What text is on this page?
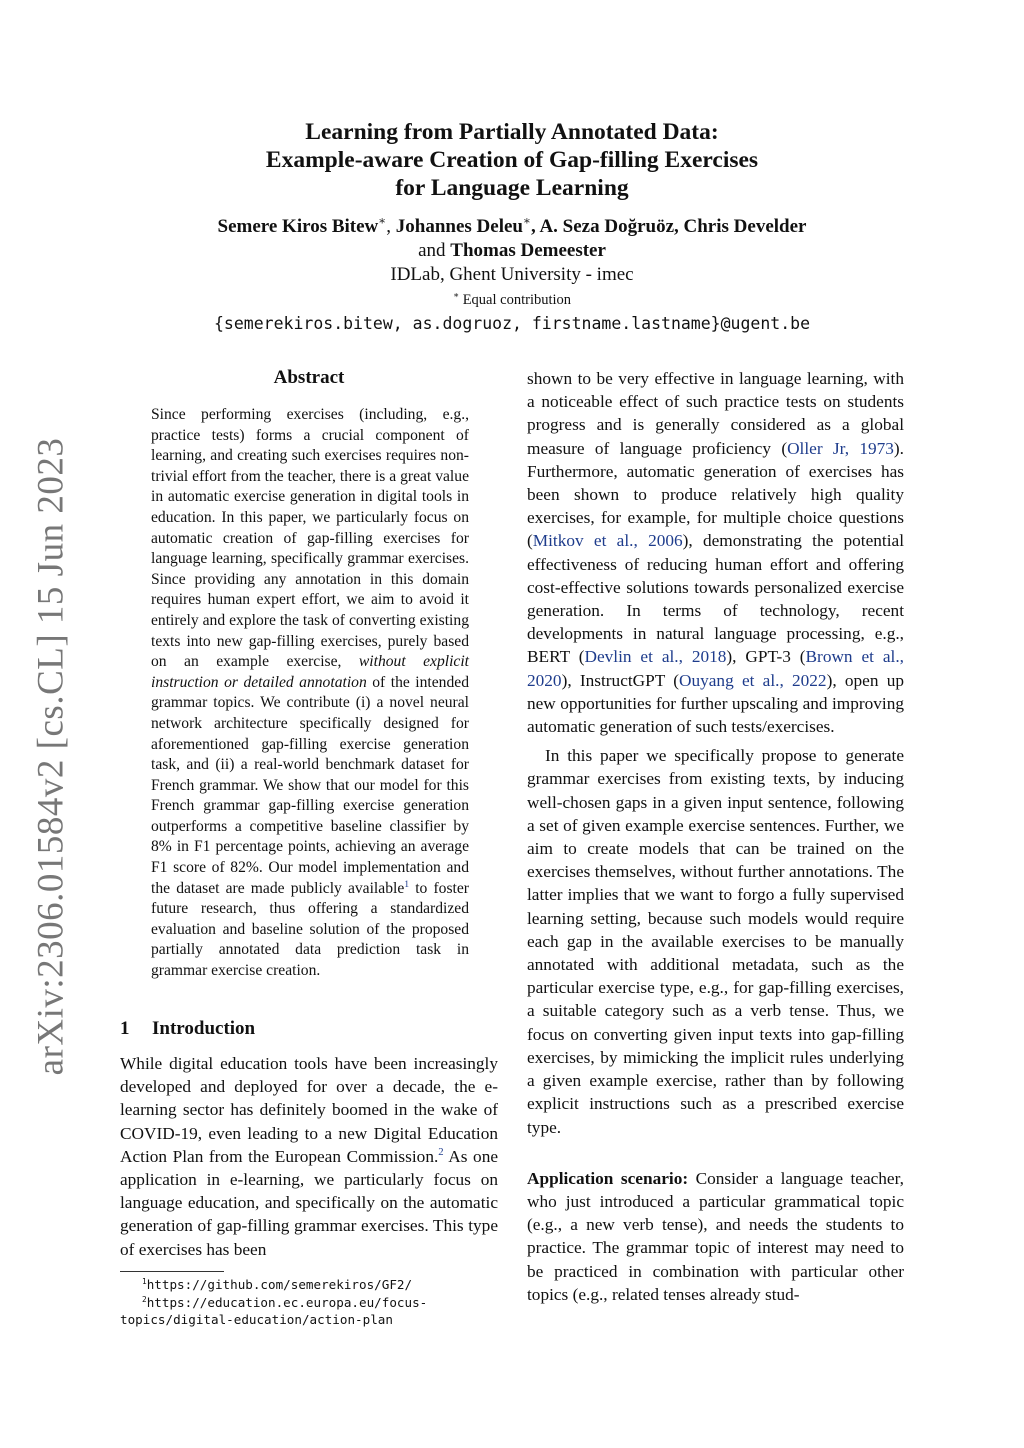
arXiv:2306.01584v2 [cs.CL] 15 Jun 2023
Learning from Partially Annotated Data:
Example-aware Creation of Gap-filling Exercises
for Language Learning
Semere Kiros Bitew∗, Johannes Deleu∗, A. Seza Doğruöz, Chris Develder
and Thomas Demeester
IDLab, Ghent University - imec
∗ Equal contribution
{semerekiros.bitew, as.dogruoz, firstname.lastname}@ugent.be
Abstract
Since performing exercises (including, e.g., practice tests) forms a crucial component of learning, and creating such exercises requires non-trivial effort from the teacher, there is a great value in automatic exercise generation in digital tools in education. In this paper, we particularly focus on automatic creation of gap-filling exercises for language learning, specifically grammar exercises. Since providing any annotation in this domain requires human expert effort, we aim to avoid it entirely and explore the task of converting existing texts into new gap-filling exercises, purely based on an example exercise, without explicit instruction or detailed annotation of the intended grammar topics. We contribute (i) a novel neural network architecture specifically designed for aforementioned gap-filling exercise generation task, and (ii) a real-world benchmark dataset for French grammar. We show that our model for this French grammar gap-filling exercise generation outperforms a competitive baseline classifier by 8% in F1 percentage points, achieving an average F1 score of 82%. Our model implementation and the dataset are made publicly available$^1$ to foster future research, thus offering a standardized evaluation and baseline solution of the proposed partially annotated data prediction task in grammar exercise creation.
1 Introduction
While digital education tools have been increasingly developed and deployed for over a decade, the e-learning sector has definitely boomed in the wake of COVID-19, even leading to a new Digital Education Action Plan from the European Commission.$^2$ As one application in e-learning, we particularly focus on language education, and specifically on the automatic generation of gap-filling grammar exercises. This type of exercises has been
$^1$https://github.com/semerekiros/GF2/
$^2$https://education.ec.europa.eu/focus-topics/digital-education/action-plan

shown to be very effective in language learning, with a noticeable effect of such practice tests on students progress and is generally considered as a global measure of language proficiency (Oller Jr, 1973). Furthermore, automatic generation of exercises has been shown to produce relatively high quality exercises, for example, for multiple choice questions (Mitkov et al., 2006), demonstrating the potential effectiveness of reducing human effort and offering cost-effective solutions towards personalized exercise generation. In terms of technology, recent developments in natural language processing, e.g., BERT (Devlin et al., 2018), GPT-3 (Brown et al., 2020), InstructGPT (Ouyang et al., 2022), open up new opportunities for further upscaling and improving automatic generation of such tests/exercises.

In this paper we specifically propose to generate grammar exercises from existing texts, by inducing well-chosen gaps in a given input sentence, following a set of given example exercise sentences. Further, we aim to create models that can be trained on the exercises themselves, without further annotations. The latter implies that we want to forgo a fully supervised learning setting, because such models would require each gap in the available exercises to be manually annotated with additional metadata, such as the particular exercise type, e.g., for gap-filling exercises, a suitable category such as a verb tense. Thus, we focus on converting given input texts into gap-filling exercises, by mimicking the implicit rules underlying a given example exercise, rather than by following explicit instructions such as a prescribed exercise type.

Application scenario: Consider a language teacher, who just introduced a particular grammatical topic (e.g., a new verb tense), and needs the students to practice. The grammar topic of interest may need to be practiced in combination with particular other topics (e.g., related tenses already stud-
